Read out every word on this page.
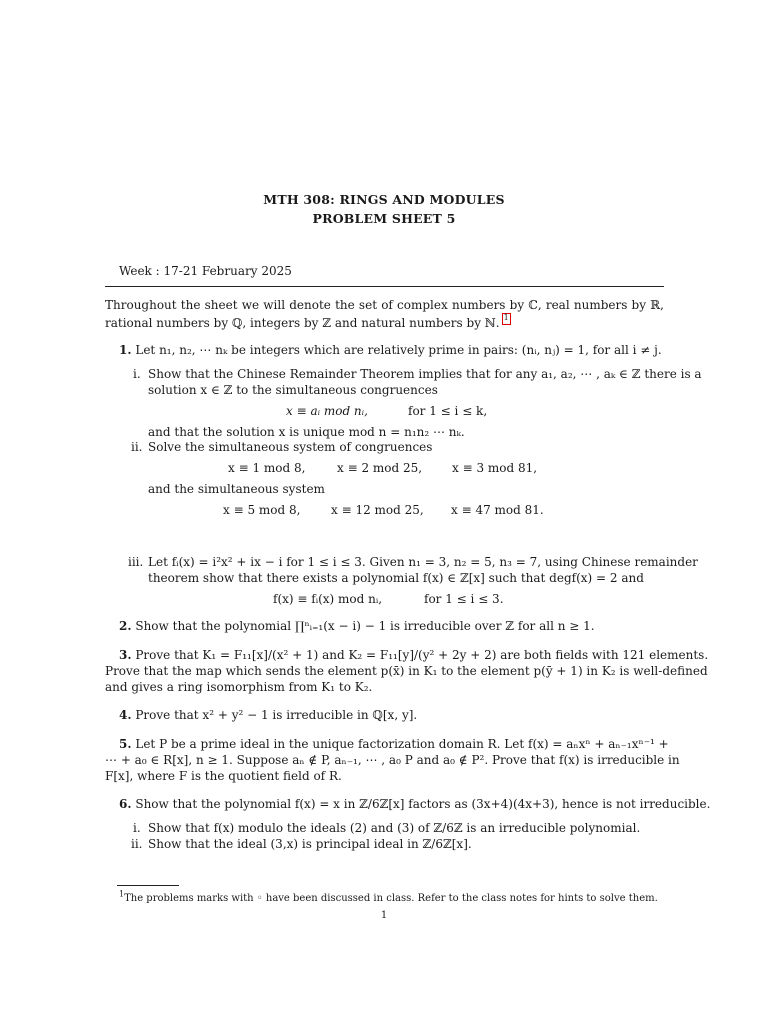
MTH 308: RINGS AND MODULES
PROBLEM SHEET 5
Week : 17-21 February 2025
Throughout the sheet we will denote the set of complex numbers by ℂ, real numbers by ℝ, rational numbers by ℚ, integers by ℤ and natural numbers by ℕ. 1
1. Let n₁, n₂, ⋯ nₖ be integers which are relatively prime in pairs: (nᵢ, nⱼ) = 1, for all i ≠ j.
i. Show that the Chinese Remainder Theorem implies that for any a₁, a₂, ⋯ , aₖ ∈ ℤ there is a
solution x ∈ ℤ to the simultaneous congruences
x ≡ aᵢ mod nᵢ,	for 1 ≤ i ≤ k,
and that the solution x is unique mod n = n₁n₂ ⋯ nₖ.
ii. Solve the simultaneous system of congruences
x ≡ 1 mod 8,	x ≡ 2 mod 25, x ≡ 3 mod 81,
and the simultaneous system
x ≡ 5 mod 8,	x ≡ 12 mod 25, x ≡ 47 mod 81.
iii. Let fᵢ(x) = i²x² + ix − i for 1 ≤ i ≤ 3. Given n₁ = 3, n₂ = 5, n₃ = 7, using Chinese remainder
theorem show that there exists a polynomial f(x) ∈ ℤ[x] such that degf(x) = 2 and
f(x) ≡ fᵢ(x) mod nᵢ,	for 1 ≤ i ≤ 3.
2. Show that the polynomial ∏ⁿᵢ₌₁(x − i) − 1 is irreducible over ℤ for all n ≥ 1.
3. Prove that K₁ = F₁₁[x]/(x² + 1) and K₂ = F₁₁[y]/(y² + 2y + 2) are both fields with 121 elements.
Prove that the map which sends the element p(x̄) in K₁ to the element p(ȳ + 1) in K₂ is well-defined
and gives a ring isomorphism from K₁ to K₂.
4. Prove that x² + y² − 1 is irreducible in ℚ[x, y].
5. Let P be a prime ideal in the unique factorization domain R. Let f(x) = aₙxⁿ + aₙ₋₁xⁿ⁻¹ +
⋯ + a₀ ∈ R[x], n ≥ 1. Suppose aₙ ∉ P, aₙ₋₁, ⋯ , a₀ P and a₀ ∉ P². Prove that f(x) is irreducible in
F[x], where F is the quotient field of R.
6. Show that the polynomial f(x) = x in ℤ/6ℤ[x] factors as (3x+4)(4x+3), hence is not irreducible.
i. Show that f(x) modulo the ideals (2) and (3) of ℤ/6ℤ is an irreducible polynomial.
ii. Show that the ideal (3,x) is principal ideal in ℤ/6ℤ[x].
$^1$The problems marks with ◦ have been discussed in class. Refer to the class notes for hints to solve them.
1
